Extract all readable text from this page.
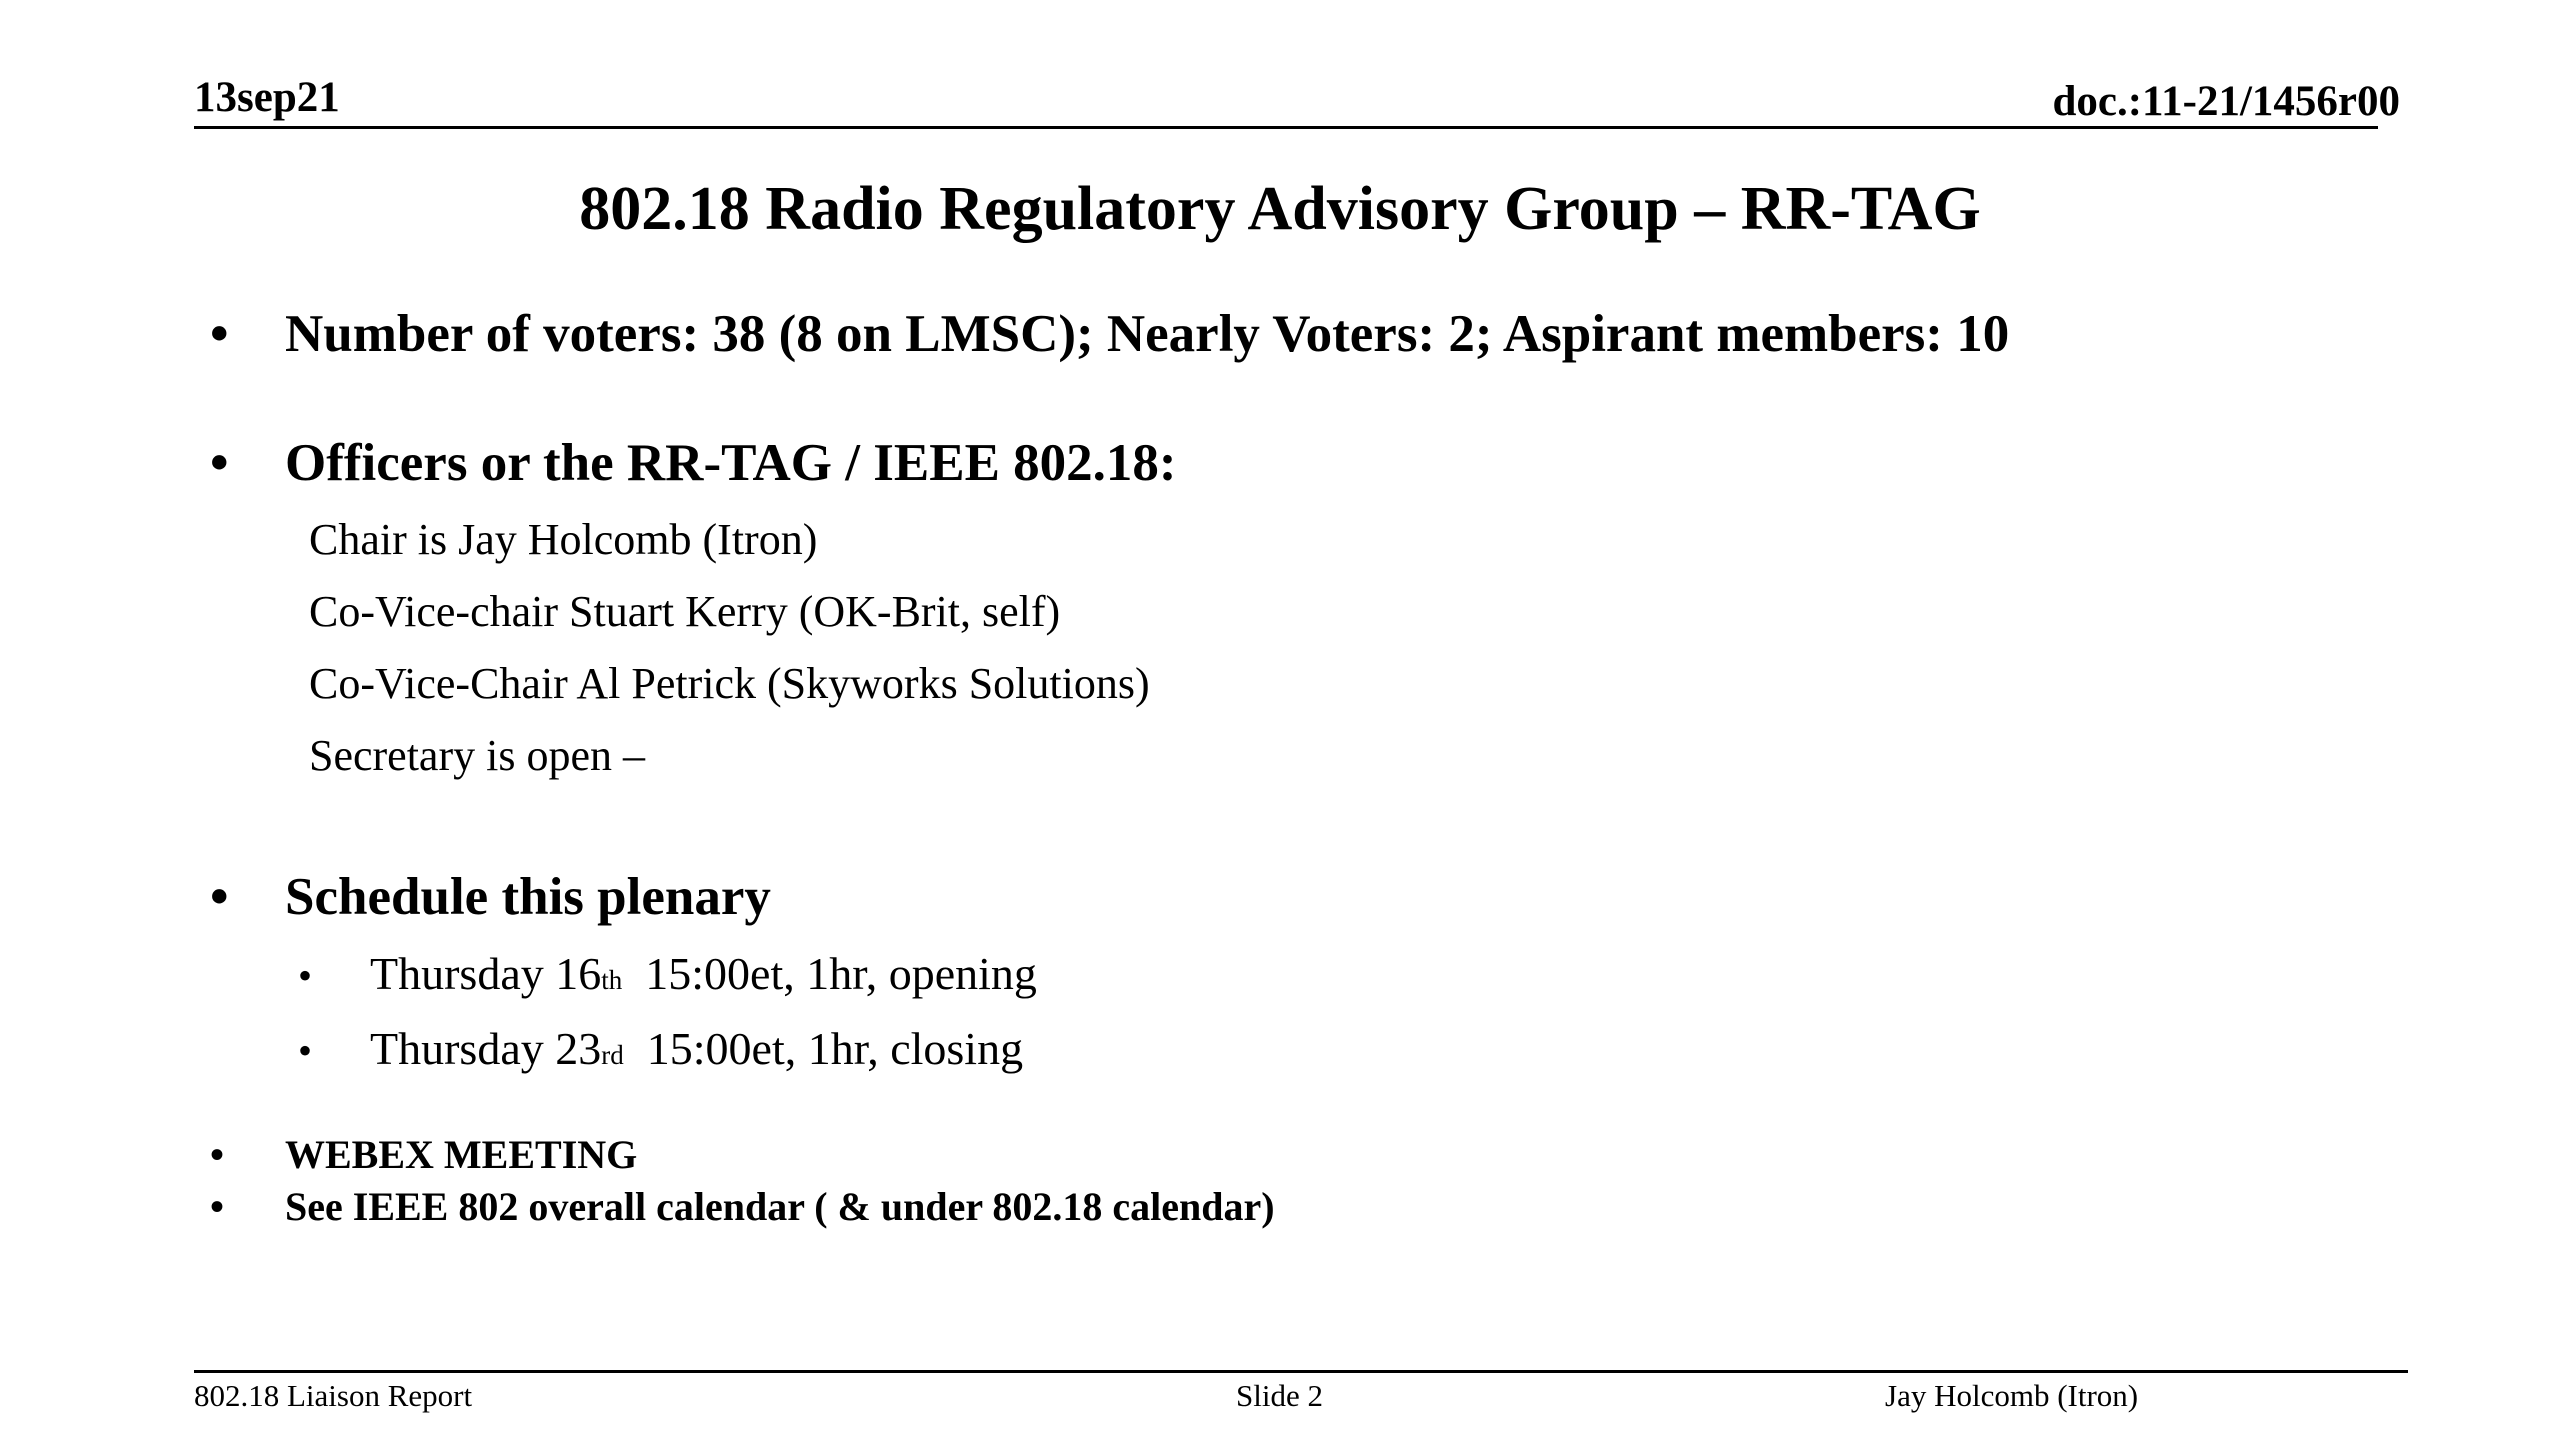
13sep21	doc.:11-21/1456r00
802.18 Radio Regulatory Advisory Group – RR-TAG
•	Number of voters: 38 (8 on LMSC); Nearly Voters: 2; Aspirant members: 10
•	Officers or the RR-TAG / IEEE 802.18:
Chair is Jay Holcomb (Itron)
Co-Vice-chair Stuart Kerry (OK-Brit, self)
Co-Vice-Chair Al Petrick (Skyworks Solutions)
Secretary is open –
•	Schedule this plenary
•	Thursday 16 th 15:00et, 1hr, opening
•	Thursday 23 rd 15:00et, 1hr, closing
•	WEBEX MEETING
•	See IEEE 802 overall calendar ( & under 802.18 calendar)
802.18 Liaison Report	Slide 2	Jay Holcomb (Itron)
